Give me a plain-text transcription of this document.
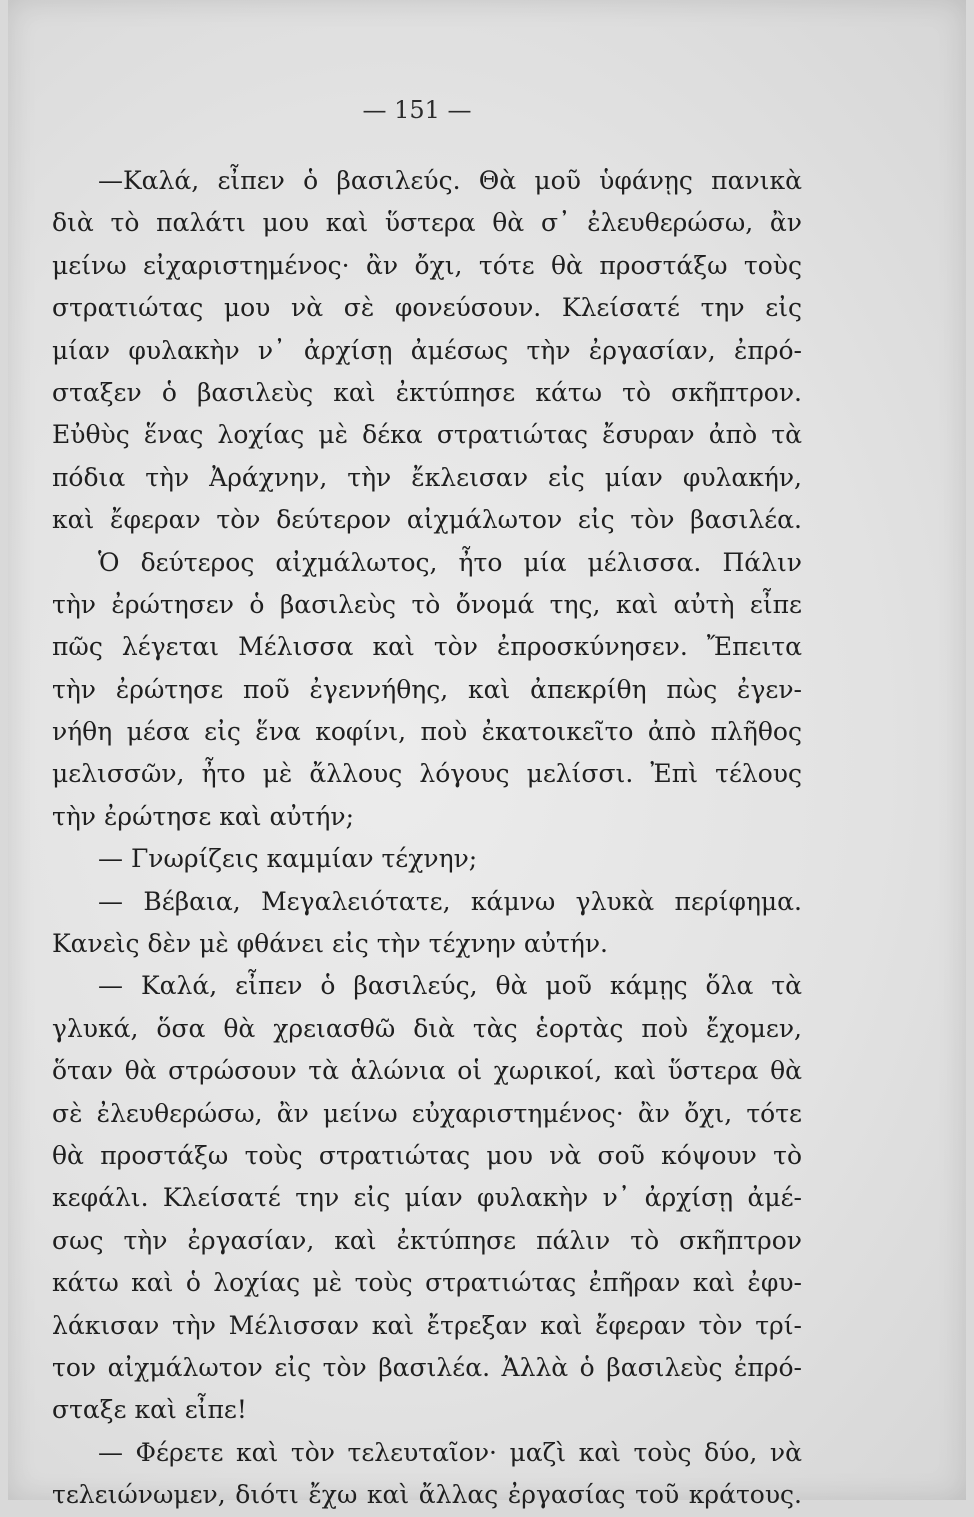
— 151 —
—Καλά, εἶπεν ὁ βασιλεύς. Θὰ μοῦ ὑφάνῃς πανικὰ
διὰ τὸ παλάτι μου καὶ ὕστερα θὰ σ᾽ ἐλευθερώσω, ἂν
μείνω εἰχαριστημένος· ἂν ὄχι, τότε θὰ προστάξω τοὺς
στρατιώτας μου νὰ σὲ φονεύσουν. Κλείσατέ την εἰς
μίαν φυλακὴν ν᾽ ἀρχίσῃ ἀμέσως τὴν ἐργασίαν, ἐπρό-
σταξεν ὁ βασιλεὺς καὶ ἐκτύπησε κάτω τὸ σκῆπτρον.
Εὐθὺς ἕνας λοχίας μὲ δέκα στρατιώτας ἔσυραν ἀπὸ τὰ
πόδια τὴν Ἀράχνην, τὴν ἔκλεισαν εἰς μίαν φυλακήν,
καὶ ἔφεραν τὸν δεύτερον αἰχμάλωτον εἰς τὸν βασιλέα.
Ὁ δεύτερος αἰχμάλωτος, ἦτο μία μέλισσα. Πάλιν
τὴν ἐρώτησεν ὁ βασιλεὺς τὸ ὄνομά της, καὶ αὐτὴ εἶπε
πῶς λέγεται Μέλισσα καὶ τὸν ἐπροσκύνησεν. Ἔπειτα
τὴν ἐρώτησε ποῦ ἐγεννήθης, καὶ ἀπεκρίθη πὼς ἐγεν-
νήθη μέσα εἰς ἕνα κοφίνι, ποὺ ἐκατοικεῖτο ἀπὸ πλῆθος
μελισσῶν, ἦτο μὲ ἄλλους λόγους μελίσσι. Ἐπὶ τέλους
τὴν ἐρώτησε καὶ αὐτήν;
— Γνωρίζεις καμμίαν τέχνην;
— Βέβαια, Μεγαλειότατε, κάμνω γλυκὰ περίφημα.
Κανεὶς δὲν μὲ φθάνει εἰς τὴν τέχνην αὐτήν.
— Καλά, εἶπεν ὁ βασιλεύς, θὰ μοῦ κάμῃς ὅλα τὰ
γλυκά, ὅσα θὰ χρειασθῶ διὰ τὰς ἑορτὰς ποὺ ἔχομεν,
ὅταν θὰ στρώσουν τὰ ἁλώνια οἱ χωρικοί, καὶ ὕστερα θὰ
σὲ ἐλευθερώσω, ἂν μείνω εὐχαριστημένος· ἂν ὄχι, τότε
θὰ προστάξω τοὺς στρατιώτας μου νὰ σοῦ κόψουν τὸ
κεφάλι. Κλείσατέ την εἰς μίαν φυλακὴν ν᾽ ἀρχίσῃ ἀμέ-
σως τὴν ἐργασίαν, καὶ ἐκτύπησε πάλιν τὸ σκῆπτρον
κάτω καὶ ὁ λοχίας μὲ τοὺς στρατιώτας ἐπῆραν καὶ ἐφυ-
λάκισαν τὴν Μέλισσαν καὶ ἔτρεξαν καὶ ἔφεραν τὸν τρί-
τον αἰχμάλωτον εἰς τὸν βασιλέα. Ἀλλὰ ὁ βασιλεὺς ἐπρό-
σταξε καὶ εἶπε!
— Φέρετε καὶ τὸν τελευταῖον· μαζὶ καὶ τοὺς δύο, νὰ
τελειώνωμεν, διότι ἔχω καὶ ἄλλας ἐργασίας τοῦ κράτους.
